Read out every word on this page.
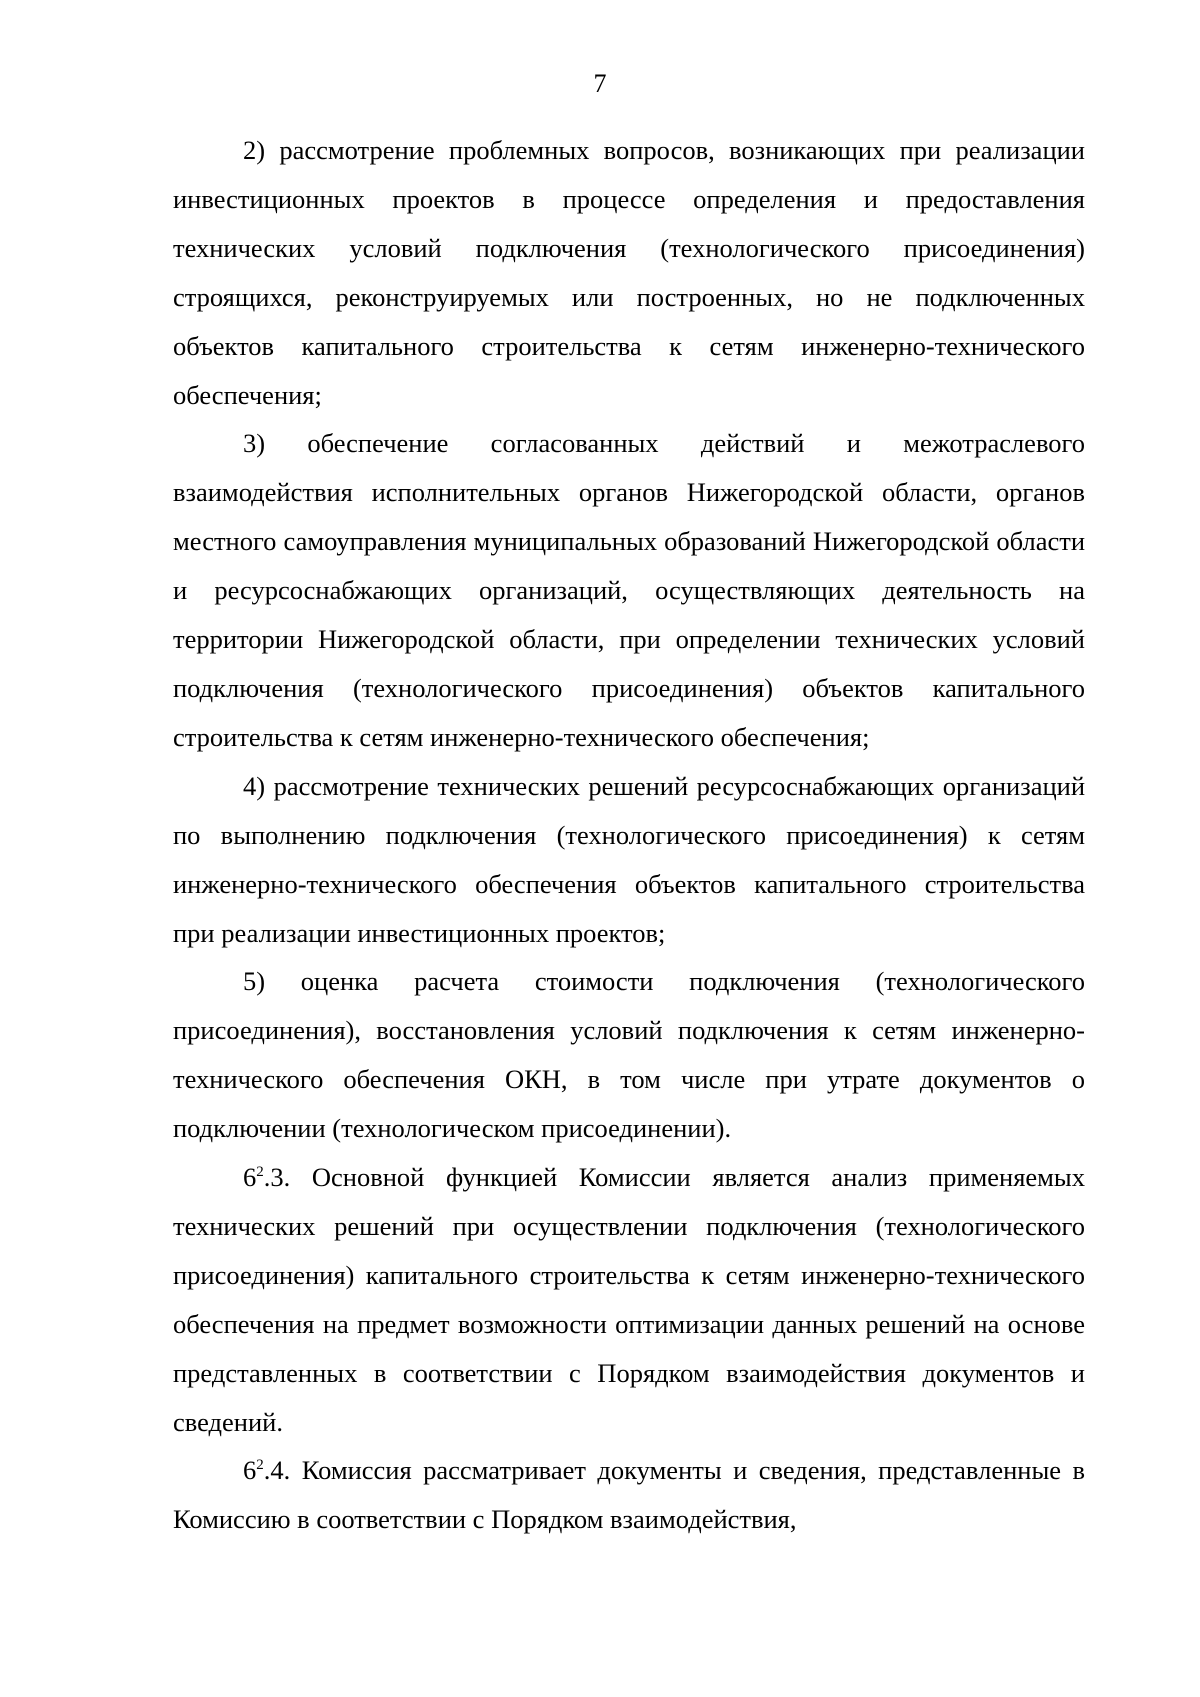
7

2) рассмотрение проблемных вопросов, возникающих при реализации инвестиционных проектов в процессе определения и предоставления технических условий подключения (технологического присоединения) строящихся, реконструируемых или построенных, но не подключенных объектов капитального строительства к сетям инженерно-технического обеспечения;

3) обеспечение согласованных действий и межотраслевого взаимодействия исполнительных органов Нижегородской области, органов местного самоуправления муниципальных образований Нижегородской области и ресурсоснабжающих организаций, осуществляющих деятельность на территории Нижегородской области, при определении технических условий подключения (технологического присоединения) объектов капитального строительства к сетям инженерно-технического обеспечения;

4) рассмотрение технических решений ресурсоснабжающих организаций по выполнению подключения (технологического присоединения) к сетям инженерно-технического обеспечения объектов капитального строительства при реализации инвестиционных проектов;

5) оценка расчета стоимости подключения (технологического присоединения), восстановления условий подключения к сетям инженерно-технического обеспечения ОКН, в том числе при утрате документов о подключении (технологическом присоединении).

$6^2.3$. Основной функцией Комиссии является анализ применяемых технических решений при осуществлении подключения (технологического присоединения) капитального строительства к сетям инженерно-технического обеспечения на предмет возможности оптимизации данных решений на основе представленных в соответствии с Порядком взаимодействия документов и сведений.

$6^2.4$. Комиссия рассматривает документы и сведения, представленные в Комиссию в соответствии с Порядком взаимодействия,
